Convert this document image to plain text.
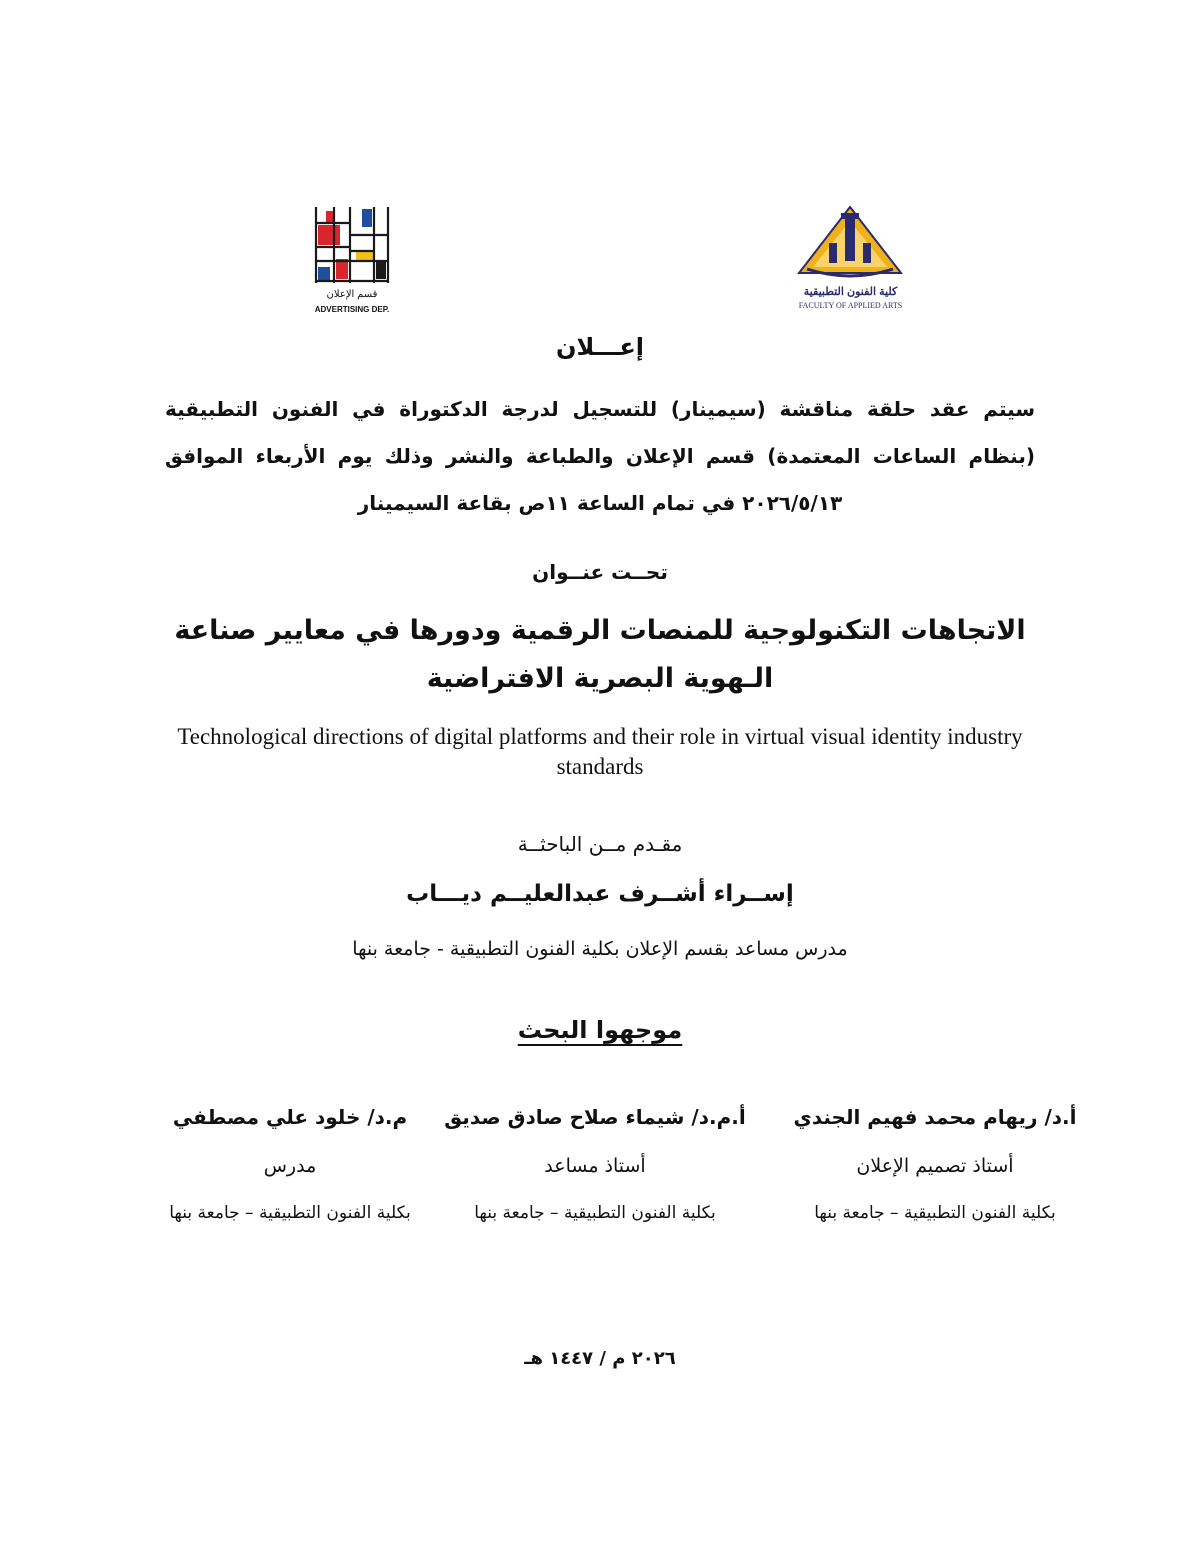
قسم الإعلان
ADVERTISING DEP.
كلية الفنون التطبيقية
FACULTY OF APPLIED ARTS
إعـــلان
سيتم عقد حلقة مناقشة (سيمينار) للتسجيل لدرجة الدكتوراة في الفنون التطبيقية (بنظام الساعات المعتمدة) قسم الإعلان والطباعة والنشر وذلك يوم الأربعاء الموافق ٢٠٢٦/٥/١٣ في تمام الساعة ١١ص بقاعة السيمينار
تحــت عنــوان
الاتجاهات التكنولوجية للمنصات الرقمية ودورها في معايير صناعة الـهوية البصرية الافتراضية
Technological directions of digital platforms and their role in virtual visual identity industry standards
مقـدم مــن الباحثــة
إســراء أشــرف عبدالعليــم ديـــاب
مدرس مساعد بقسم الإعلان بكلية الفنون التطبيقية - جامعة بنها
موجهوا البحث
أ.د/ ريهام محمد فهيم الجندي
أستاذ تصميم الإعلان
بكلية الفنون التطبيقية – جامعة بنها
أ.م.د/ شيماء صلاح صادق صديق
أستاذ مساعد
بكلية الفنون التطبيقية – جامعة بنها
م.د/ خلود علي مصطفي
مدرس
بكلية الفنون التطبيقية – جامعة بنها
٢٠٢٦ م / ١٤٤٧ هـ
